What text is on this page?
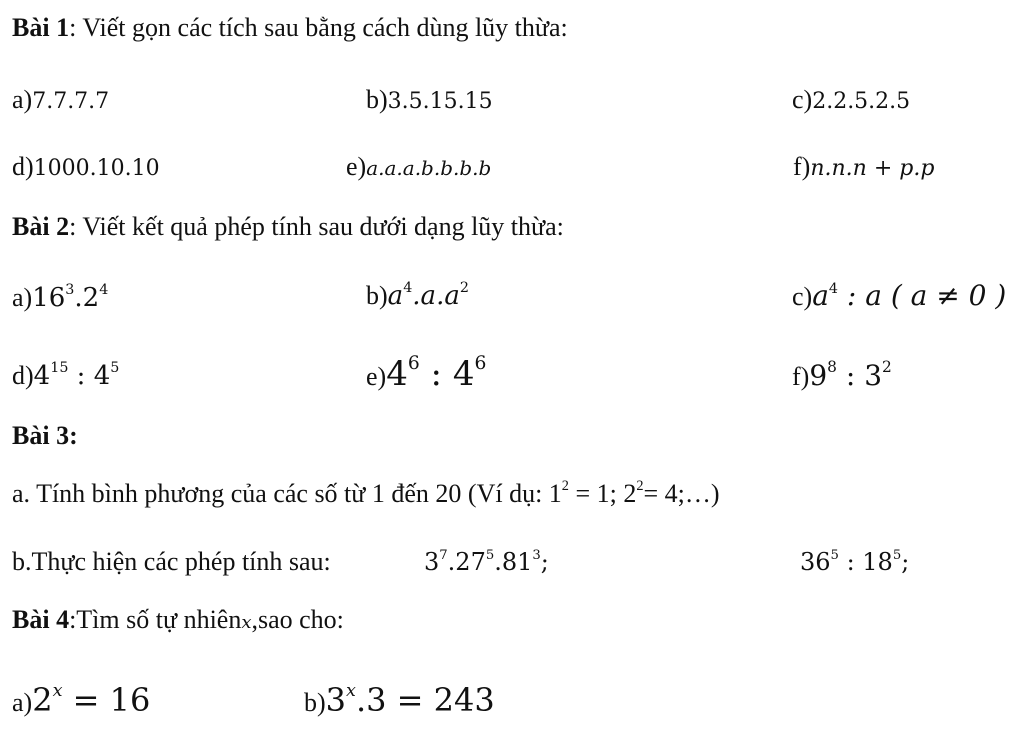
Bài 1: Viết gọn các tích sau bằng cách dùng lũy thừa:
a)7.7.7.7	b)3.5.15.15	c)2.2.5.2.5
d)1000.10.10	e)a.a.a.b.b.b.b	f)n.n.n + p.p
Bài 2: Viết kết quả phép tính sau dưới dạng lũy thừa:
$a)16^3.2^4$	$b)a^4.a.a^2$	$c)a^4$ : a ( a ≠ 0 )
$d)4^{15}$ : $4^5$	$e)4^6$ : $4^6$	$f)9^8$ : $3^2$
Bài 3:
a. Tính bình phương của các số từ 1 đến 20 (Ví dụ: $1^2 = 1$; $2^2=$ 4;…)
b.Thực hiện các phép tính sau:	$3^7.27^5.81^3$;	$36^5$ : $18^5$;
Bài 4:Tìm số tự nhiênx,sao cho:
$a)2^x = 16$	$b)3^x.3 = 243$
